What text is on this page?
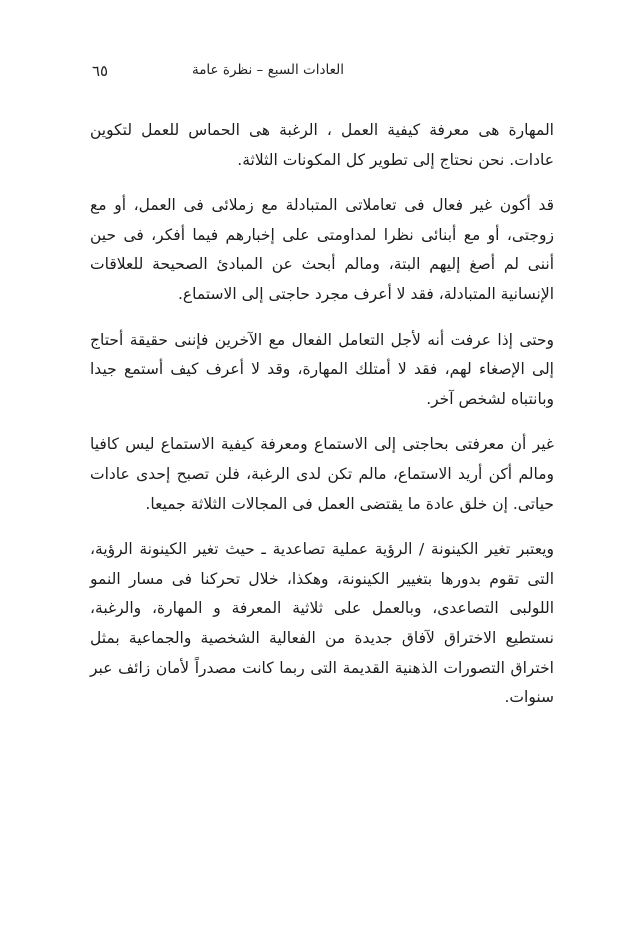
٦٥	العادات السبع – نظرة عامة

المهارة هى معرفة كيفية العمل ، الرغبة هى الحماس للعمل لتكوين عادات. نحن نحتاج إلى تطوير كل المكونات الثلاثة.

قد أكون غير فعال فى تعاملاتى المتبادلة مع زملائى فى العمل، أو مع زوجتى، أو مع أبنائى نظرا لمداومتى على إخبارهم فيما أفكر، فى حين أننى لم أصغ إليهم البتة، ومالم أبحث عن المبادئ الصحيحة للعلاقات الإنسانية المتبادلة، فقد لا أعرف مجرد حاجتى إلى الاستماع.

وحتى إذا عرفت أنه لأجل التعامل الفعال مع الآخرين فإننى حقيقة أحتاج إلى الإصغاء لهم، فقد لا أمتلك المهارة، وقد لا أعرف كيف أستمع جيدا وبانتباه لشخص آخر.

غير أن معرفتى بحاجتى إلى الاستماع ومعرفة كيفية الاستماع ليس كافيا ومالم أكن أريد الاستماع، مالم تكن لدى الرغبة، فلن تصبح إحدى عادات حياتى. إن خلق عادة ما يقتضى العمل فى المجالات الثلاثة جميعا.

ويعتبر تغير الكينونة / الرؤية عملية تصاعدية ـ حيث تغير الكينونة الرؤية، التى تقوم بدورها بتغيير الكينونة، وهكذا، خلال تحركنا فى مسار النمو اللولبى التصاعدى، وبالعمل على ثلاثية المعرفة و المهارة، والرغبة، نستطيع الاختراق لآفاق جديدة من الفعالية الشخصية والجماعية بمثل اختراق التصورات الذهنية القديمة التى ربما كانت مصدراً لأمان زائف عبر سنوات.
